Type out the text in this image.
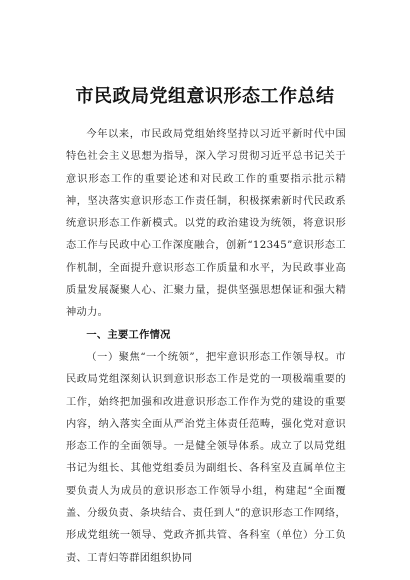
市民政局党组意识形态工作总结

今年以来，市民政局党组始终坚持以习近平新时代中国特色社会主义思想为指导，深入学习贯彻习近平总书记关于意识形态工作的重要论述和对民政工作的重要指示批示精神，坚决落实意识形态工作责任制，积极探索新时代民政系统意识形态工作新模式。以党的政治建设为统领，将意识形态工作与民政中心工作深度融合，创新“12345”意识形态工作机制，全面提升意识形态工作质量和水平，为民政事业高质量发展凝聚人心、汇聚力量，提供坚强思想保证和强大精神动力。

一、主要工作情况

（一）聚焦“一个统领”，把牢意识形态工作领导权。市民政局党组深刻认识到意识形态工作是党的一项极端重要的工作，始终把加强和改进意识形态工作作为党的建设的重要内容，纳入落实全面从严治党主体责任范畴，强化党对意识形态工作的全面领导。一是健全领导体系。成立了以局党组书记为组长、其他党组委员为副组长、各科室及直属单位主要负责人为成员的意识形态工作领导小组，构建起“全面覆盖、分级负责、条块结合、责任到人”的意识形态工作网络，形成党组统一领导、党政齐抓共管、各科室（单位）分工负责、工青妇等群团组织协同
